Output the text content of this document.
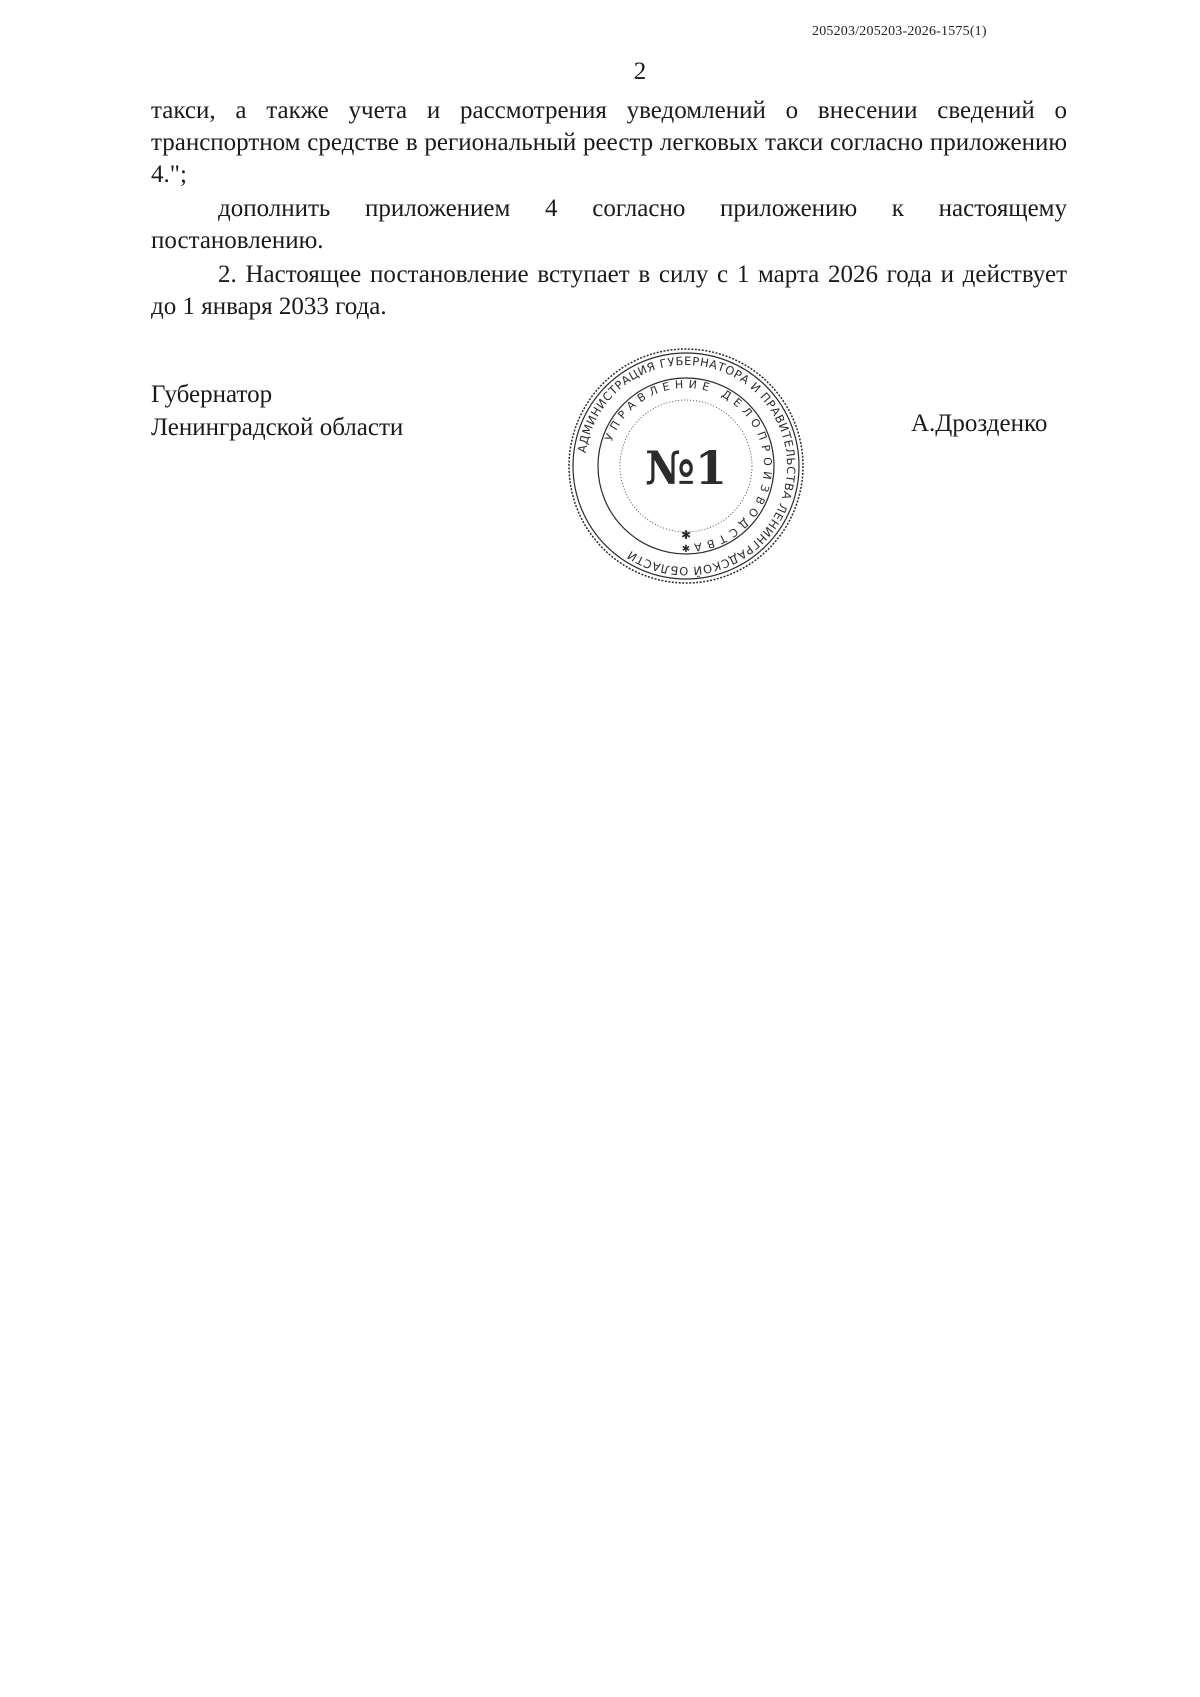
205203/205203-2026-1575(1)
2

такси, а также учета и рассмотрения уведомлений о внесении сведений о транспортном средстве в региональный реестр легковых такси согласно приложению 4.";

дополнить приложением 4 согласно приложению к настоящему постановлению.

2. Настоящее постановление вступает в силу с 1 марта 2026 года и действует до 1 января 2033 года.

Губернатор
Ленинградской области
АДМИНИСТРАЦИЯ ГУБЕРНАТОРА И ПРАВИТЕЛЬСТВА ЛЕНИНГРАДСКОЙ ОБЛАСТИ
УПРАВЛЕНИЕ ДЕЛОПРОИЗВОДСТВА
№1
✱
✱
А.Дрозденко
